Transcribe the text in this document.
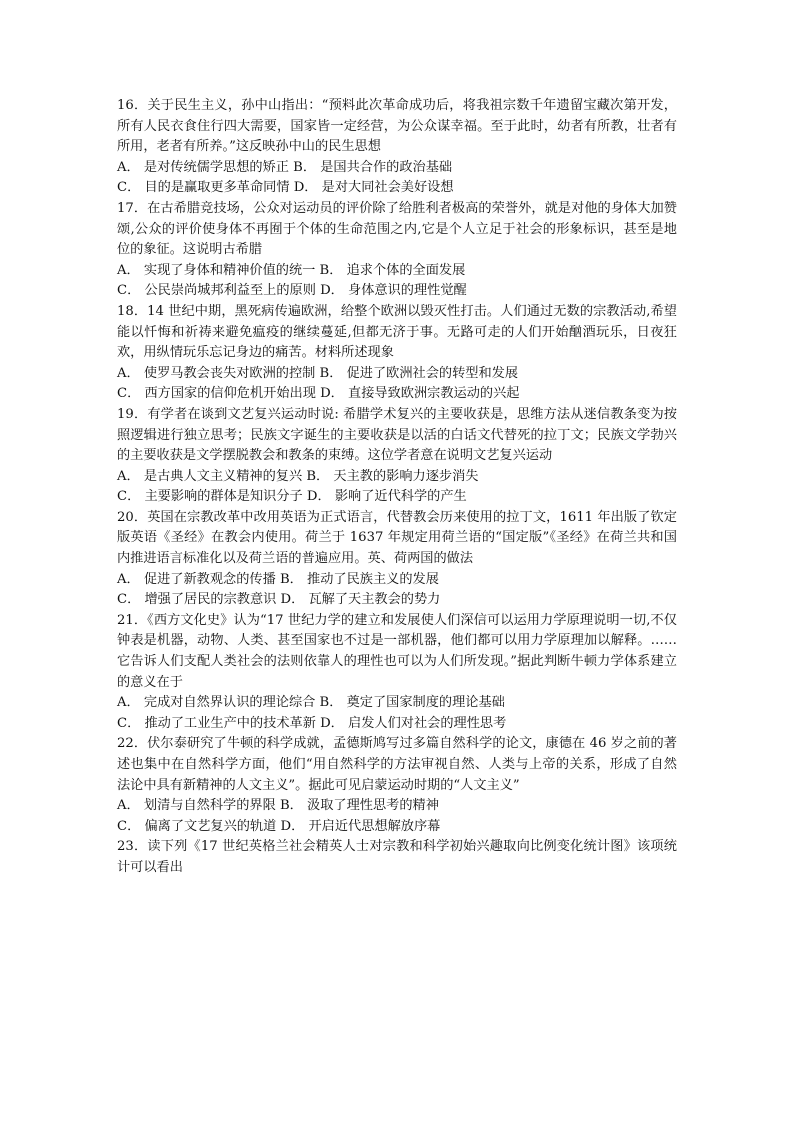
16．关于民生主义，孙中山指出：“预料此次革命成功后，将我祖宗数千年遗留宝藏次第开发，所有人民衣食住行四大需要，国家皆一定经营，为公众谋幸福。至于此时，幼者有所教，壮者有所用，老者有所养。”这反映孙中山的民生思想

A． 是对传统儒学思想的矫正 B． 是国共合作的政治基础
C． 目的是赢取更多革命同情 D． 是对大同社会美好设想

17．在古希腊竞技场，公众对运动员的评价除了给胜利者极高的荣誉外，就是对他的身体大加赞颂,公众的评价使身体不再囿于个体的生命范围之内,它是个人立足于社会的形象标识，甚至是地位的象征。这说明古希腊

A． 实现了身体和精神价值的统一 B． 追求个体的全面发展
C． 公民崇尚城邦利益至上的原则 D． 身体意识的理性觉醒

18．14 世纪中期，黑死病传遍欧洲，给整个欧洲以毁灭性打击。人们通过无数的宗教活动,希望能以忏悔和祈祷来避免瘟疫的继续蔓延,但都无济于事。无路可走的人们开始酗酒玩乐，日夜狂欢，用纵情玩乐忘记身边的痛苦。材料所述现象

A． 使罗马教会丧失对欧洲的控制 B． 促进了欧洲社会的转型和发展
C． 西方国家的信仰危机开始出现 D． 直接导致欧洲宗教运动的兴起

19．有学者在谈到文艺复兴运动时说: 希腊学术复兴的主要收获是，思维方法从迷信教条变为按照逻辑进行独立思考；民族文字诞生的主要收获是以活的白话文代替死的拉丁文；民族文学勃兴的主要收获是文学摆脱教会和教条的束缚。这位学者意在说明文艺复兴运动

A． 是古典人文主义精神的复兴 B． 天主教的影响力逐步消失
C． 主要影响的群体是知识分子 D． 影响了近代科学的产生

20．英国在宗教改革中改用英语为正式语言，代替教会历来使用的拉丁文，1611 年出版了钦定版英语《圣经》在教会内使用。荷兰于 1637 年规定用荷兰语的“国定版”《圣经》在荷兰共和国内推进语言标准化以及荷兰语的普遍应用。英、荷两国的做法

A． 促进了新教观念的传播 B． 推动了民族主义的发展
C． 增强了居民的宗教意识 D． 瓦解了天主教会的势力

21．《西方文化史》认为“17 世纪力学的建立和发展使人们深信可以运用力学原理说明一切,不仅钟表是机器，动物、人类、甚至国家也不过是一部机器，他们都可以用力学原理加以解释。……它告诉人们支配人类社会的法则依靠人的理性也可以为人们所发现。”据此判断牛顿力学体系建立的意义在于

A． 完成对自然界认识的理论综合 B． 奠定了国家制度的理论基础
C． 推动了工业生产中的技术革新 D． 启发人们对社会的理性思考

22．伏尔泰研究了牛顿的科学成就，孟德斯鸠写过多篇自然科学的论文，康德在 46 岁之前的著述也集中在自然科学方面，他们“用自然科学的方法审视自然、人类与上帝的关系，形成了自然法论中具有新精神的人文主义”。据此可见启蒙运动时期的“人文主义”

A． 划清与自然科学的界限 B． 汲取了理性思考的精神
C． 偏离了文艺复兴的轨道 D． 开启近代思想解放序幕

23．读下列《17 世纪英格兰社会精英人士对宗教和科学初始兴趣取向比例变化统计图》该项统计可以看出
